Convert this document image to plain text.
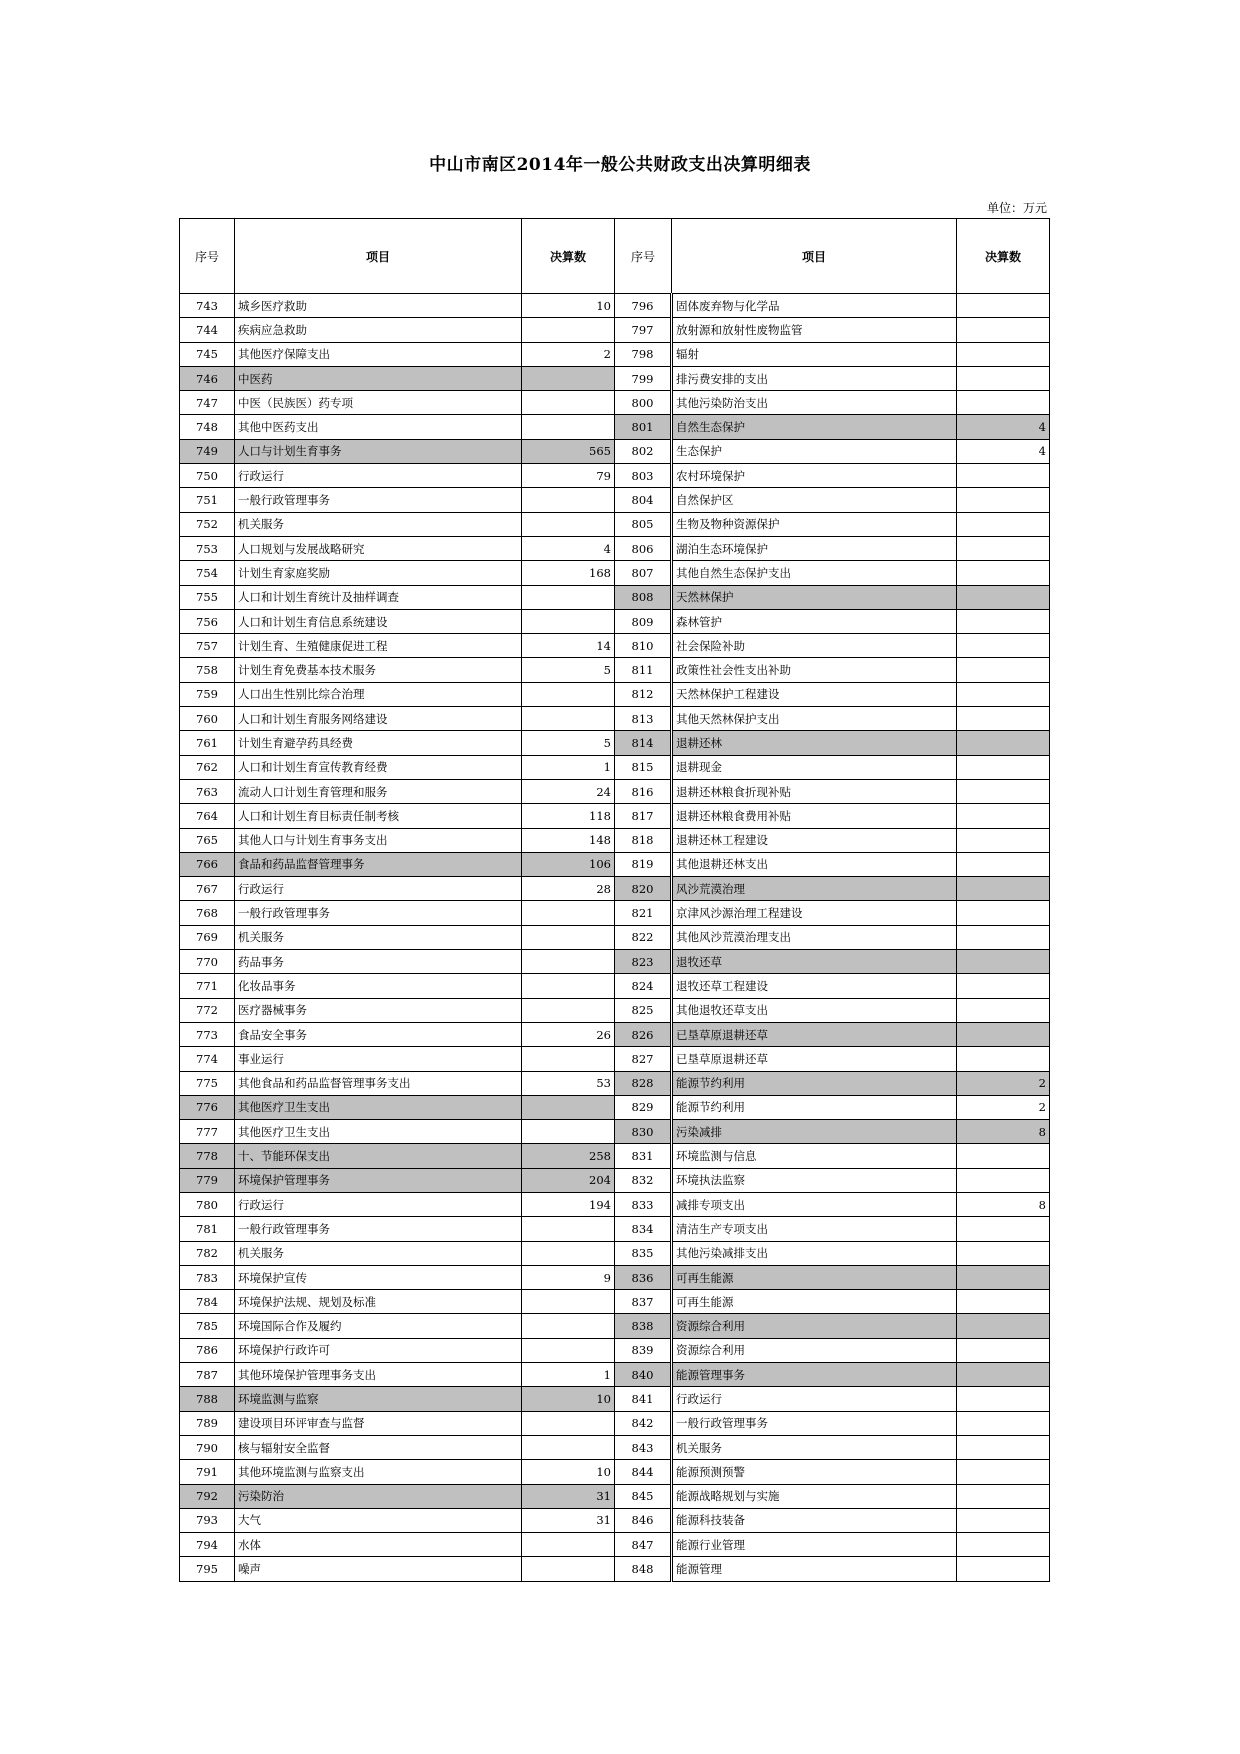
中山市南区2014年一般公共财政支出决算明细表
单位：万元
序号	项目	决算数	序号	项目	决算数
743	城乡医疗救助	10	796	固体废弃物与化学品	
744	疾病应急救助		797	放射源和放射性废物监管	
745	其他医疗保障支出	2	798	辐射	
746	中医药		799	排污费安排的支出	
747	中医（民族医）药专项		800	其他污染防治支出	
748	其他中医药支出		801	自然生态保护	4
749	人口与计划生育事务	565	802	生态保护	4
750	行政运行	79	803	农村环境保护	
751	一般行政管理事务		804	自然保护区	
752	机关服务		805	生物及物种资源保护	
753	人口规划与发展战略研究	4	806	湖泊生态环境保护	
754	计划生育家庭奖励	168	807	其他自然生态保护支出	
755	人口和计划生育统计及抽样调查		808	天然林保护	
756	人口和计划生育信息系统建设		809	森林管护	
757	计划生育、生殖健康促进工程	14	810	社会保险补助	
758	计划生育免费基本技术服务	5	811	政策性社会性支出补助	
759	人口出生性别比综合治理		812	天然林保护工程建设	
760	人口和计划生育服务网络建设		813	其他天然林保护支出	
761	计划生育避孕药具经费	5	814	退耕还林	
762	人口和计划生育宣传教育经费	1	815	退耕现金	
763	流动人口计划生育管理和服务	24	816	退耕还林粮食折现补贴	
764	人口和计划生育目标责任制考核	118	817	退耕还林粮食费用补贴	
765	其他人口与计划生育事务支出	148	818	退耕还林工程建设	
766	食品和药品监督管理事务	106	819	其他退耕还林支出	
767	行政运行	28	820	风沙荒漠治理	
768	一般行政管理事务		821	京津风沙源治理工程建设	
769	机关服务		822	其他风沙荒漠治理支出	
770	药品事务		823	退牧还草	
771	化妆品事务		824	退牧还草工程建设	
772	医疗器械事务		825	其他退牧还草支出	
773	食品安全事务	26	826	已垦草原退耕还草	
774	事业运行		827	已垦草原退耕还草	
775	其他食品和药品监督管理事务支出	53	828	能源节约利用	2
776	其他医疗卫生支出		829	能源节约利用	2
777	其他医疗卫生支出		830	污染减排	8
778	十、节能环保支出	258	831	环境监测与信息	
779	环境保护管理事务	204	832	环境执法监察	
780	行政运行	194	833	减排专项支出	8
781	一般行政管理事务		834	清洁生产专项支出	
782	机关服务		835	其他污染减排支出	
783	环境保护宣传	9	836	可再生能源	
784	环境保护法规、规划及标准		837	可再生能源	
785	环境国际合作及履约		838	资源综合利用	
786	环境保护行政许可		839	资源综合利用	
787	其他环境保护管理事务支出	1	840	能源管理事务	
788	环境监测与监察	10	841	行政运行	
789	建设项目环评审查与监督		842	一般行政管理事务	
790	核与辐射安全监督		843	机关服务	
791	其他环境监测与监察支出	10	844	能源预测预警	
792	污染防治	31	845	能源战略规划与实施	
793	大气	31	846	能源科技装备	
794	水体		847	能源行业管理	
795	噪声		848	能源管理	
